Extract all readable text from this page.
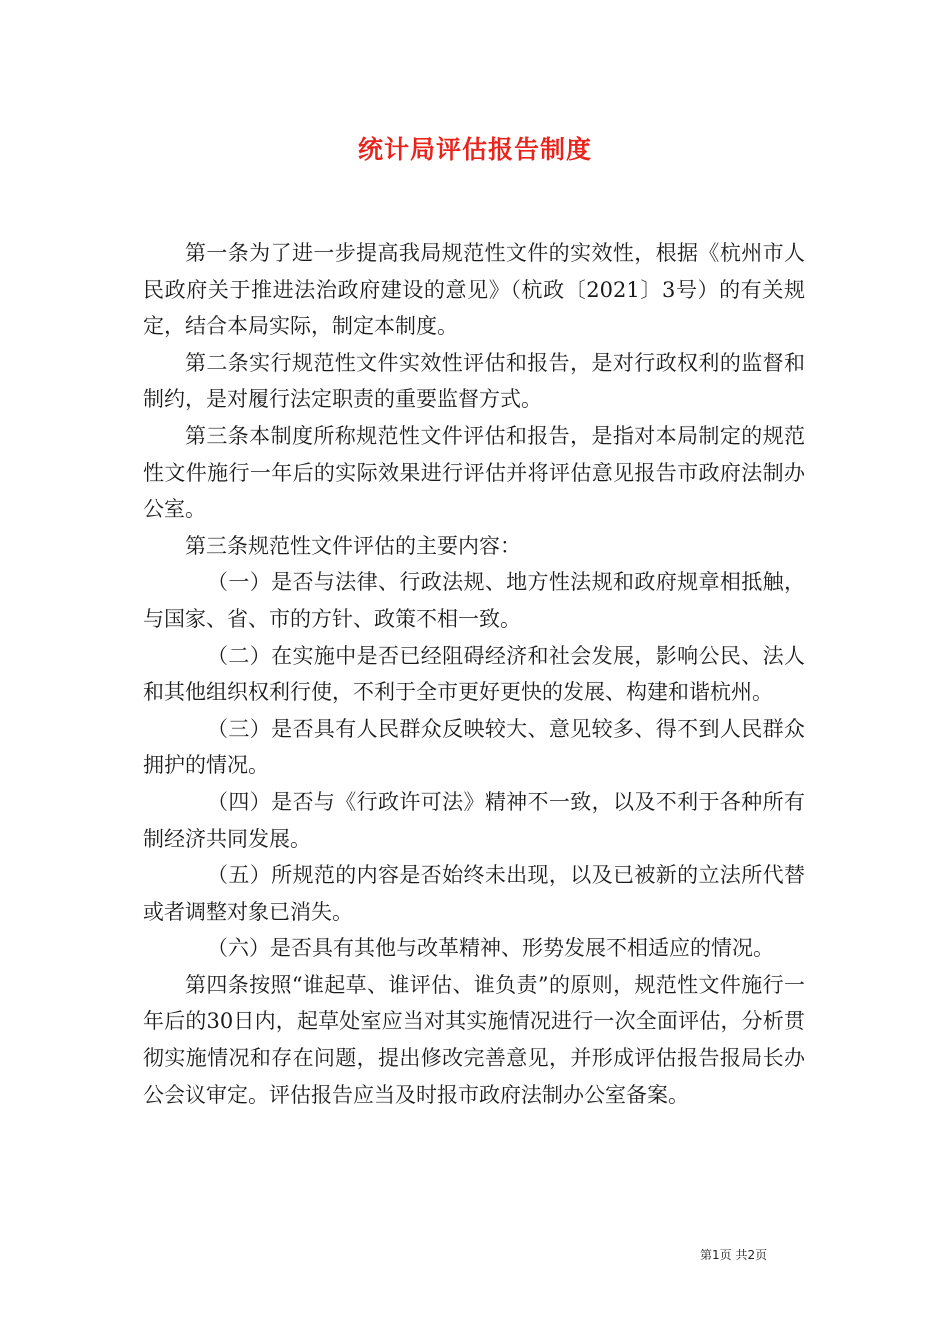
统计局评估报告制度

第一条为了进一步提高我局规范性文件的实效性，根据《杭州市人民政府关于推进法治政府建设的意见》（杭政〔2021〕3号）的有关规定，结合本局实际，制定本制度。

第二条实行规范性文件实效性评估和报告，是对行政权利的监督和制约，是对履行法定职责的重要监督方式。

第三条本制度所称规范性文件评估和报告，是指对本局制定的规范性文件施行一年后的实际效果进行评估并将评估意见报告市政府法制办公室。

第三条规范性文件评估的主要内容：

（一）是否与法律、行政法规、地方性法规和政府规章相抵触，与国家、省、市的方针、政策不相一致。

（二）在实施中是否已经阻碍经济和社会发展，影响公民、法人和其他组织权利行使，不利于全市更好更快的发展、构建和谐杭州。

（三）是否具有人民群众反映较大、意见较多、得不到人民群众拥护的情况。

（四）是否与《行政许可法》精神不一致，以及不利于各种所有制经济共同发展。

（五）所规范的内容是否始终未出现，以及已被新的立法所代替或者调整对象已消失。

（六）是否具有其他与改革精神、形势发展不相适应的情况。

第四条按照“谁起草、谁评估、谁负责”的原则，规范性文件施行一年后的30日内，起草处室应当对其实施情况进行一次全面评估，分析贯彻实施情况和存在问题，提出修改完善意见，并形成评估报告报局长办公会议审定。评估报告应当及时报市政府法制办公室备案。

第1页 共2页
